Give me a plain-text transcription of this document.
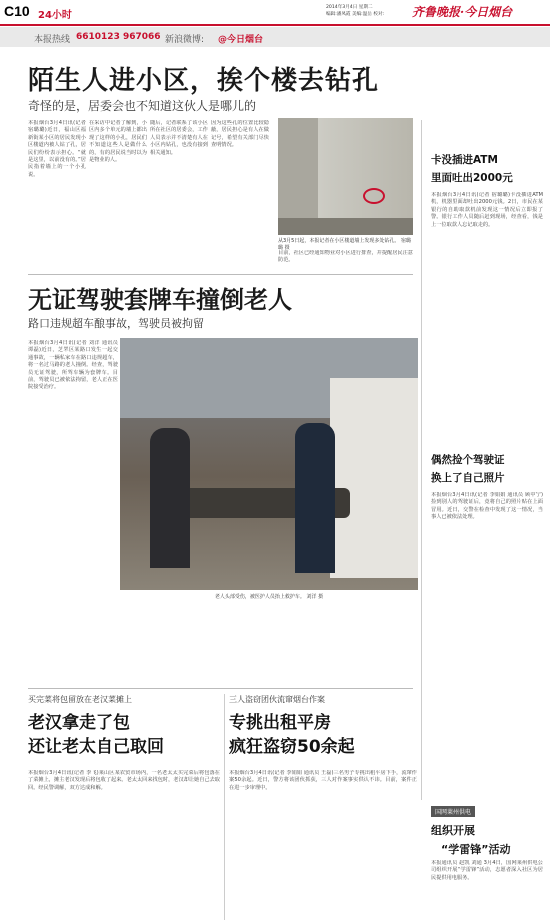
C10 24小时
2014年3月4日 星期二
编辑:潘凤霞 美编:温岳 校对: 齐鲁晚报·今日烟台
本报热线 6610123 967066 新浪微博: @今日烟台
陌生人进小区，挨个楼去钻孔
奇怪的是，居委会也不知道这伙人是哪儿的
本报烟台3月4日讯(记者 宿璐璐)近日，福山区福新街某小区的居民发现小区楼道内被人钻了孔，居民们纷纷表示担心。“就是这里，以前没有的。”居民指着墙上的一个小孔说。
在采访中记者了解到，小区内多个单元的墙上都出现了这样的小孔，居民们不知道这些人是做什么的，有的居民说当时以为是物业的人。
随后，记者联系了该小区所在社区的居委会，工作人员表示并不清楚有人在小区内钻孔，也没有接到相关通知。
因为这些孔的位置比较隐蔽，居民担心是有人在做记号，希望有关部门尽快查明情况。
从3月5日起，本报记者在小区楼道墙上发现多处钻孔。 宿璐璐 摄
目前，社区已经通知物业对小区进行排查，并提醒居民注意防范。
卡没插进ATM
里面吐出2000元
本报烟台3月4日讯(记者 宿璐璐)卡没插进ATM机，机器里面却吐出2000元钱。2日，市民在某银行的自助取款机前发现这一情况后立即报了警。银行工作人员随后赶到现场，经查看，钱是上一位取款人忘记取走的。
偶然捡个驾驶证
换上了自己照片
本报烟台3月4日讯(记者 李娟娟 通讯员 顾中宁)捡到别人的驾驶证后，竟将自己的照片贴在上面冒用。近日，交警在检查中发现了这一情况，当事人已被依法处理。
无证驾驶套牌车撞倒老人
路口违规超车酿事故，驾驶员被拘留
本报烟台3月4日讯(记者 刘洋 通讯员 谭磊)近日，芝罘区某路口发生一起交通事故，一辆私家车在路口违规超车，将一名过马路的老人撞倒。经查，驾驶员无证驾驶，所驾车辆为套牌车。目前，驾驶员已被依法拘留，老人正在医院接受治疗。
老人头部受伤，被医护人员抬上救护车。 刘洋 摄
买完菜将包留放在老汉菜摊上
老汉拿走了包
还让老太自己取回
本报烟台3月4日讯(记者 李飞)莱山区某农贸市场内，一名老太太买完菜后将包落在了菜摊上，摊主老汉发现后将包收了起来。老太太回来找包时，老汉却让她自己去取回。经民警调解，双方达成和解。
三人盗窃团伙流窜烟台作案
专挑出租平房
疯狂盗窃50余起
本报烟台3月4日讯(记者 李娟娟 通讯员 王磊)三名男子专挑出租平房下手，流窜作案50余起。近日，警方将该团伙抓获，三人对作案事实供认不讳。目前，案件正在进一步审理中。
国网莱州供电
组织开展
“学雷锋”活动
本报通讯员 赵凯 刘通 3月4日，国网莱州供电公司组织开展“学雷锋”活动，志愿者深入社区为居民提供用电服务。
